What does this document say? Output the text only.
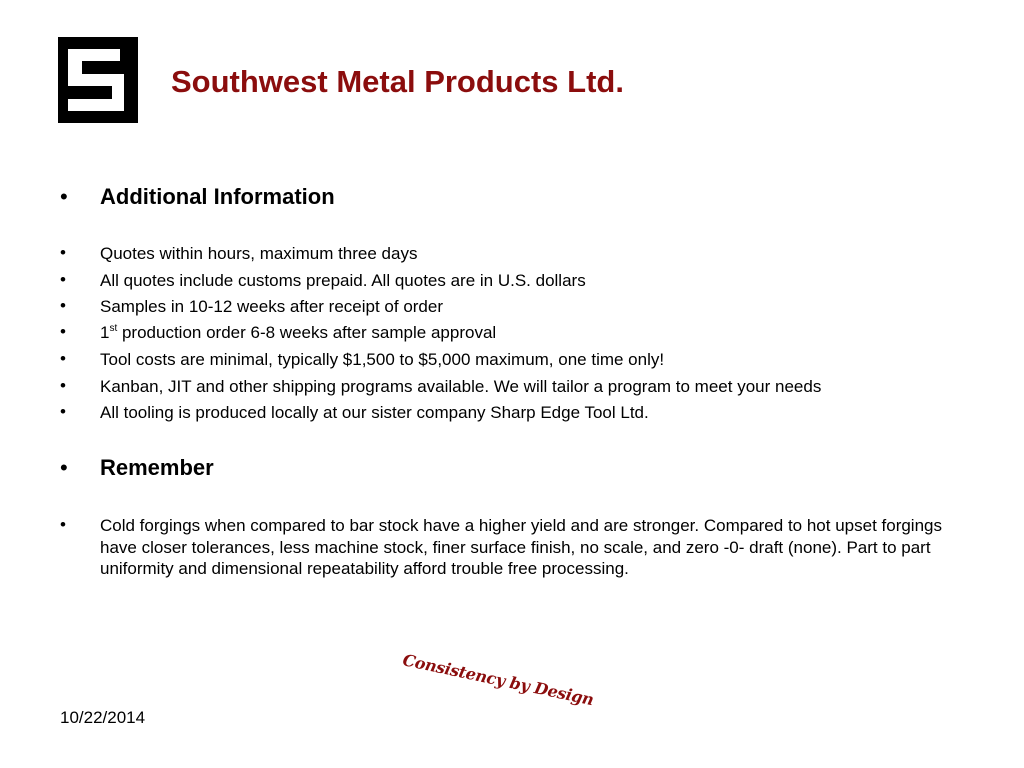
Southwest Metal Products Ltd.
• Additional Information
• Quotes within hours, maximum three days
• All quotes include customs prepaid. All quotes are in U.S. dollars
• Samples in 10-12 weeks after receipt of order
• 1st production order 6-8 weeks after sample approval
• Tool costs are minimal, typically $1,500 to $5,000 maximum, one time only!
• Kanban, JIT and other shipping programs available. We will tailor a program to meet your needs
• All tooling is produced locally at our sister company Sharp Edge Tool Ltd.
• Remember
• Cold forgings when compared to bar stock have a higher yield and are stronger. Compared to hot upset forgings have closer tolerances, less machine stock, finer surface finish, no scale, and zero -0- draft (none). Part to part uniformity and dimensional repeatability afford trouble free processing.
Consistency by Design
10/22/2014
